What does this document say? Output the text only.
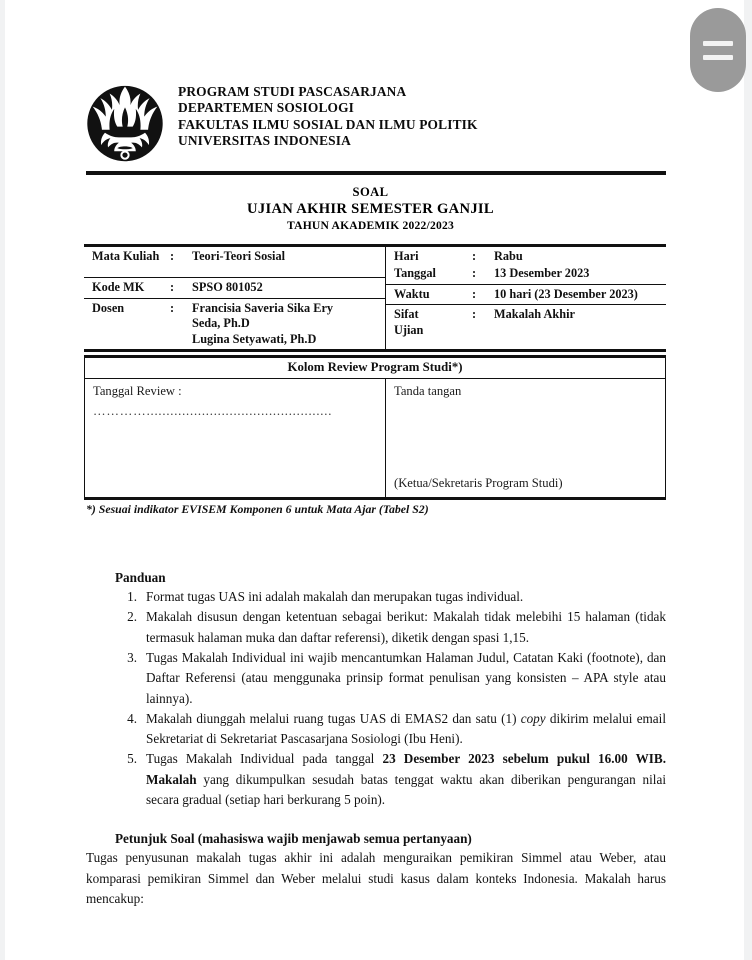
PROGRAM STUDI PASCASARJANA
DEPARTEMEN SOSIOLOGI
FAKULTAS ILMU SOSIAL DAN ILMU POLITIK
UNIVERSITAS INDONESIA
SOAL
UJIAN AKHIR SEMESTER GANJIL
TAHUN AKADEMIK 2022/2023
Mata Kuliah :	Teori-Teori Sosial
Kode MK	:	SPSO 801052
Dosen	:	Francisia Saveria Sika Ery
Seda, Ph.D
Lugina Setyawati, Ph.D
Hari	:	Rabu
Tanggal	:	13 Desember 2023
Waktu	:	10 hari (23 Desember 2023)
Sifat
Ujian
:	Makalah Akhir
Kolom Review Program Studi*)
Tanggal Review :
…………...............................................
Tanda tangan
(Ketua/Sekretaris Program Studi)
*) Sesuai indikator EVISEM Komponen 6 untuk Mata Ajar (Tabel S2)
Panduan
Format tugas UAS ini adalah makalah dan merupakan tugas individual.
Makalah disusun dengan ketentuan sebagai berikut: Makalah tidak melebihi 15 halaman (tidak termasuk halaman muka dan daftar referensi), diketik dengan spasi 1,15.
Tugas Makalah Individual ini wajib mencantumkan Halaman Judul, Catatan Kaki (footnote), dan Daftar Referensi (atau menggunaka prinsip format penulisan yang konsisten – APA style atau lainnya).
Makalah diunggah melalui ruang tugas UAS di EMAS2 dan satu (1) copy dikirim melalui email Sekretariat di Sekretariat Pascasarjana Sosiologi (Ibu Heni).
Tugas Makalah Individual pada tanggal 23 Desember 2023 sebelum pukul 16.00 WIB. Makalah yang dikumpulkan sesudah batas tenggat waktu akan diberikan pengurangan nilai secara gradual (setiap hari berkurang 5 poin).
Petunjuk Soal (mahasiswa wajib menjawab semua pertanyaan)
Tugas penyusunan makalah tugas akhir ini adalah menguraikan pemikiran Simmel atau Weber, atau komparasi pemikiran Simmel dan Weber melalui studi kasus dalam konteks Indonesia. Makalah harus mencakup:
